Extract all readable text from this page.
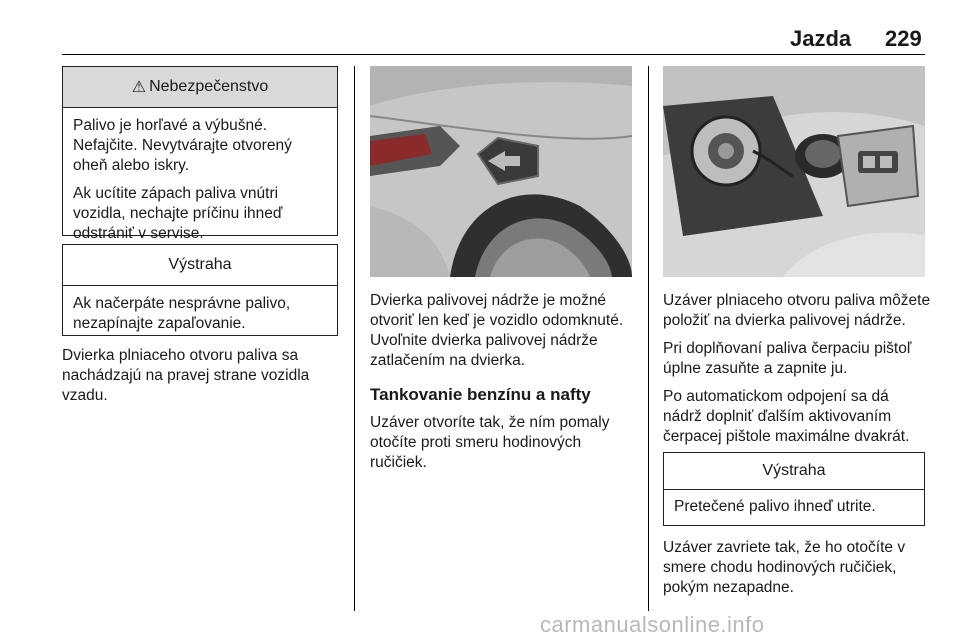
Jazda 229
⚠ Nebezpečenstvo

Palivo je horľavé a výbušné. Nefajčite. Nevytvárajte otvorený oheň alebo iskry.

Ak ucítite zápach paliva vnútri vozidla, nechajte príčinu ihneď odstrániť v servise.

Výstraha
Ak načerpáte nesprávne palivo, nezapínajte zapaľovanie.
Dvierka plniaceho otvoru paliva sa nachádzajú na pravej strane vozidla vzadu.

Dvierka palivovej nádrže je možné otvoriť len keď je vozidlo odomknuté. Uvoľnite dvierka palivovej nádrže zatlačením na dvierka.

Tankovanie benzínu a nafty

Uzáver otvoríte tak, že ním pomaly otočíte proti smeru hodinových ručičiek.

Uzáver plniaceho otvoru paliva môžete položiť na dvierka palivovej nádrže.

Pri doplňovaní paliva čerpaciu pištoľ úplne zasuňte a zapnite ju.

Po automatickom odpojení sa dá nádrž doplniť ďalším aktivovaním čerpacej pištole maximálne dvakrát.

Výstraha
Pretečené palivo ihneď utrite.
Uzáver zavriete tak, že ho otočíte v smere chodu hodinových ručičiek, pokým nezapadne.
carmanualsonline.info
